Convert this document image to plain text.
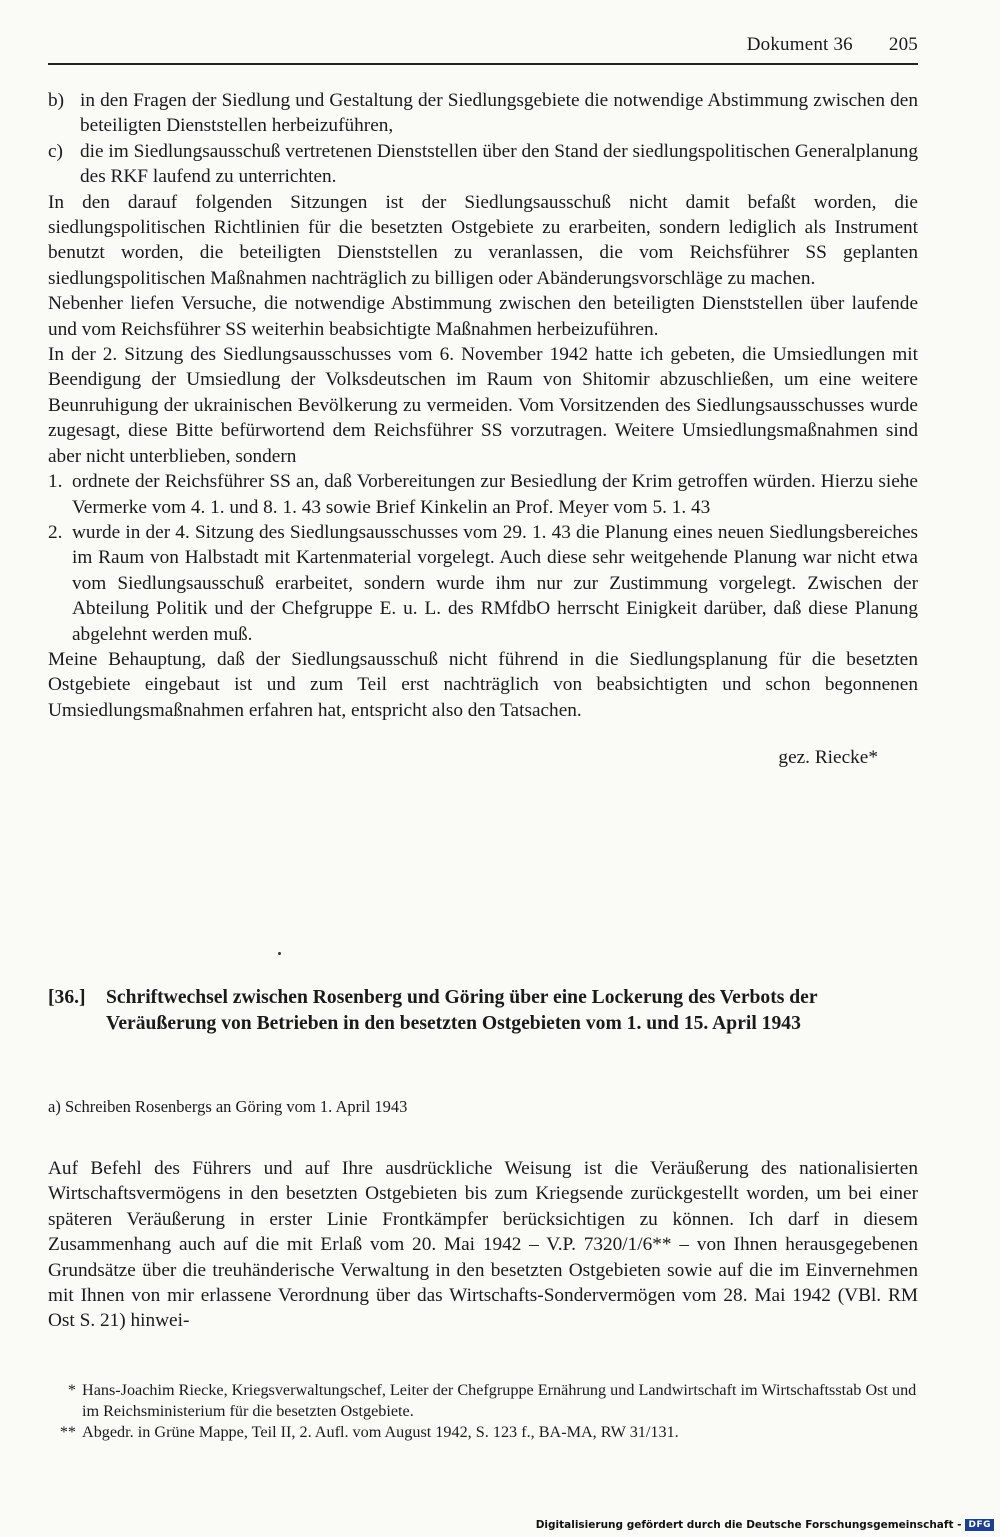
Dokument 36 205
b) in den Fragen der Siedlung und Gestaltung der Siedlungsgebiete die notwendige Abstimmung zwischen den beteiligten Dienststellen herbeizuführen,
c) die im Siedlungsausschuß vertretenen Dienststellen über den Stand der siedlungspolitischen Generalplanung des RKF laufend zu unterrichten.

In den darauf folgenden Sitzungen ist der Siedlungsausschuß nicht damit befaßt worden, die siedlungspolitischen Richtlinien für die besetzten Ostgebiete zu erarbeiten, sondern lediglich als Instrument benutzt worden, die beteiligten Dienststellen zu veranlassen, die vom Reichsführer SS geplanten siedlungspolitischen Maßnahmen nachträglich zu billigen oder Abänderungsvorschläge zu machen.

Nebenher liefen Versuche, die notwendige Abstimmung zwischen den beteiligten Dienststellen über laufende und vom Reichsführer SS weiterhin beabsichtigte Maßnahmen herbeizuführen.

In der 2. Sitzung des Siedlungsausschusses vom 6. November 1942 hatte ich gebeten, die Umsiedlungen mit Beendigung der Umsiedlung der Volksdeutschen im Raum von Shitomir abzuschließen, um eine weitere Beunruhigung der ukrainischen Bevölkerung zu vermeiden. Vom Vorsitzenden des Siedlungsausschusses wurde zugesagt, diese Bitte befürwortend dem Reichsführer SS vorzutragen. Weitere Umsiedlungsmaßnahmen sind aber nicht unterblieben, sondern

1. ordnete der Reichsführer SS an, daß Vorbereitungen zur Besiedlung der Krim getroffen würden. Hierzu siehe Vermerke vom 4. 1. und 8. 1. 43 sowie Brief Kinkelin an Prof. Meyer vom 5. 1. 43
2. wurde in der 4. Sitzung des Siedlungsausschusses vom 29. 1. 43 die Planung eines neuen Siedlungsbereiches im Raum von Halbstadt mit Kartenmaterial vorgelegt. Auch diese sehr weitgehende Planung war nicht etwa vom Siedlungsausschuß erarbeitet, sondern wurde ihm nur zur Zustimmung vorgelegt. Zwischen der Abteilung Politik und der Chefgruppe E. u. L. des RMfdbO herrscht Einigkeit darüber, daß diese Planung abgelehnt werden muß.

Meine Behauptung, daß der Siedlungsausschuß nicht führend in die Siedlungsplanung für die besetzten Ostgebiete eingebaut ist und zum Teil erst nachträglich von beabsichtigten und schon begonnenen Umsiedlungsmaßnahmen erfahren hat, entspricht also den Tatsachen.

gez. Riecke*

[36.]	Schriftwechsel zwischen Rosenberg und Göring über eine Lockerung des Verbots der Veräußerung von Betrieben in den besetzten Ostgebieten vom 1. und 15. April 1943
a) Schreiben Rosenbergs an Göring vom 1. April 1943

Auf Befehl des Führers und auf Ihre ausdrückliche Weisung ist die Veräußerung des nationalisierten Wirtschaftsvermögens in den besetzten Ostgebieten bis zum Kriegsende zurückgestellt worden, um bei einer späteren Veräußerung in erster Linie Frontkämpfer berücksichtigen zu können. Ich darf in diesem Zusammenhang auch auf die mit Erlaß vom 20. Mai 1942 – V.P. 7320/1/6** – von Ihnen herausgegebenen Grundsätze über die treuhänderische Verwaltung in den besetzten Ostgebieten sowie auf die im Einvernehmen mit Ihnen von mir erlassene Verordnung über das Wirtschafts-Sondervermögen vom 28. Mai 1942 (VBl. RM Ost S. 21) hinwei-

* Hans-Joachim Riecke, Kriegsverwaltungschef, Leiter der Chefgruppe Ernährung und Landwirtschaft im Wirtschaftsstab Ost und im Reichsministerium für die besetzten Ostgebiete.
** Abgedr. in Grüne Mappe, Teil II, 2. Aufl. vom August 1942, S. 123 f., BA-MA, RW 31/131.
Digitalisierung gefördert durch die Deutsche Forschungsgemeinschaft - DFG
